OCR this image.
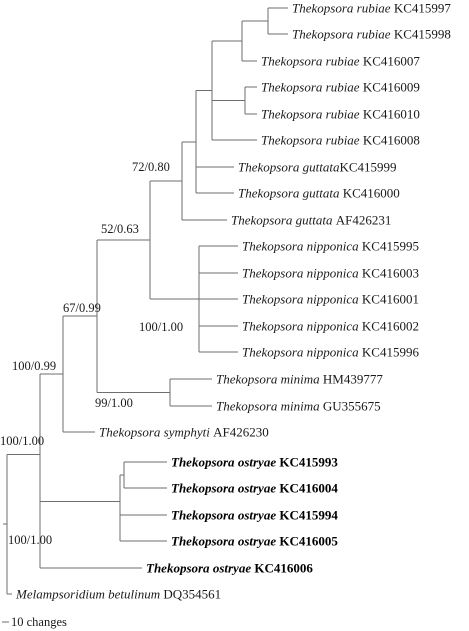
Thekopsora rubiae KC415997
Thekopsora rubiae KC415998
Thekopsora rubiae KC416007
Thekopsora rubiae KC416009
Thekopsora rubiae KC416010
Thekopsora rubiae KC416008
Thekopsora guttataKC415999
Thekopsora guttata KC416000
Thekopsora guttata AF426231
Thekopsora nipponica KC415995
Thekopsora nipponica KC416003
Thekopsora nipponica KC416001
Thekopsora nipponica KC416002
Thekopsora nipponica KC415996
Thekopsora minima HM439777
Thekopsora minima GU355675
Thekopsora symphyti AF426230
Thekopsora ostryae KC415993
Thekopsora ostryae KC416004
Thekopsora ostryae KC415994
Thekopsora ostryae KC416005
Thekopsora ostryae KC416006
Melampsoridium betulinum DQ354561
72/0.80
52/0.63
100/1.00
67/0.99
99/1.00
100/0.99
100/1.00
100/1.00
10 changes
